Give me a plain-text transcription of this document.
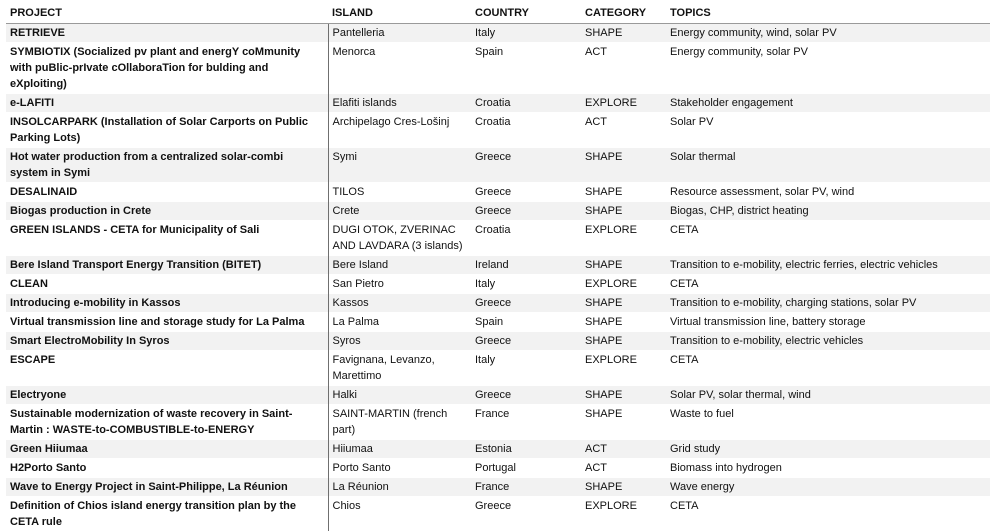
PROJECT	ISLAND	COUNTRY	CATEGORY	TOPICS
RETRIEVE	Pantelleria	Italy	SHAPE	Energy community, wind, solar PV
SYMBIOTIX (Socialized pv plant and energY coMmunity with puBlic-prIvate cOllaboraTion for bulding and eXploiting)	Menorca	Spain	ACT	Energy community, solar PV
e-LAFITI	Elafiti islands	Croatia	EXPLORE	Stakeholder engagement
INSOLCARPARK (Installation of Solar Carports on Public Parking Lots)	Archipelago Cres-Lošinj	Croatia	ACT	Solar PV
Hot water production from a centralized solar-combi system in Symi	Symi	Greece	SHAPE	Solar thermal
DESALINAID	TILOS	Greece	SHAPE	Resource assessment, solar PV, wind
Biogas production in Crete	Crete	Greece	SHAPE	Biogas, CHP, district heating
GREEN ISLANDS - CETA for Municipality of Sali	DUGI OTOK, ZVERINAC AND LAVDARA (3 islands)	Croatia	EXPLORE	CETA
Bere Island Transport Energy Transition (BITET)	Bere Island	Ireland	SHAPE	Transition to e-mobility, electric ferries, electric vehicles
CLEAN	San Pietro	Italy	EXPLORE	CETA
Introducing e-mobility in Kassos	Kassos	Greece	SHAPE	Transition to e-mobility, charging stations, solar PV
Virtual transmission line and storage study for La Palma	La Palma	Spain	SHAPE	Virtual transmission line, battery storage
Smart ElectroMobility In Syros	Syros	Greece	SHAPE	Transition to e-mobility, electric vehicles
ESCAPE	Favignana, Levanzo, Marettimo	Italy	EXPLORE	CETA
Electryone	Halki	Greece	SHAPE	Solar PV, solar thermal, wind
Sustainable modernization of waste recovery in Saint-Martin : WASTE-to-COMBUSTIBLE-to-ENERGY	SAINT-MARTIN (french part)	France	SHAPE	Waste to fuel
Green Hiiumaa	Hiiumaa	Estonia	ACT	Grid study
H2Porto Santo	Porto Santo	Portugal	ACT	Biomass into hydrogen
Wave to Energy Project in Saint-Philippe, La Réunion	La Réunion	France	SHAPE	Wave energy
Definition of Chios island energy transition plan by the CETA rule	Chios	Greece	EXPLORE	CETA
